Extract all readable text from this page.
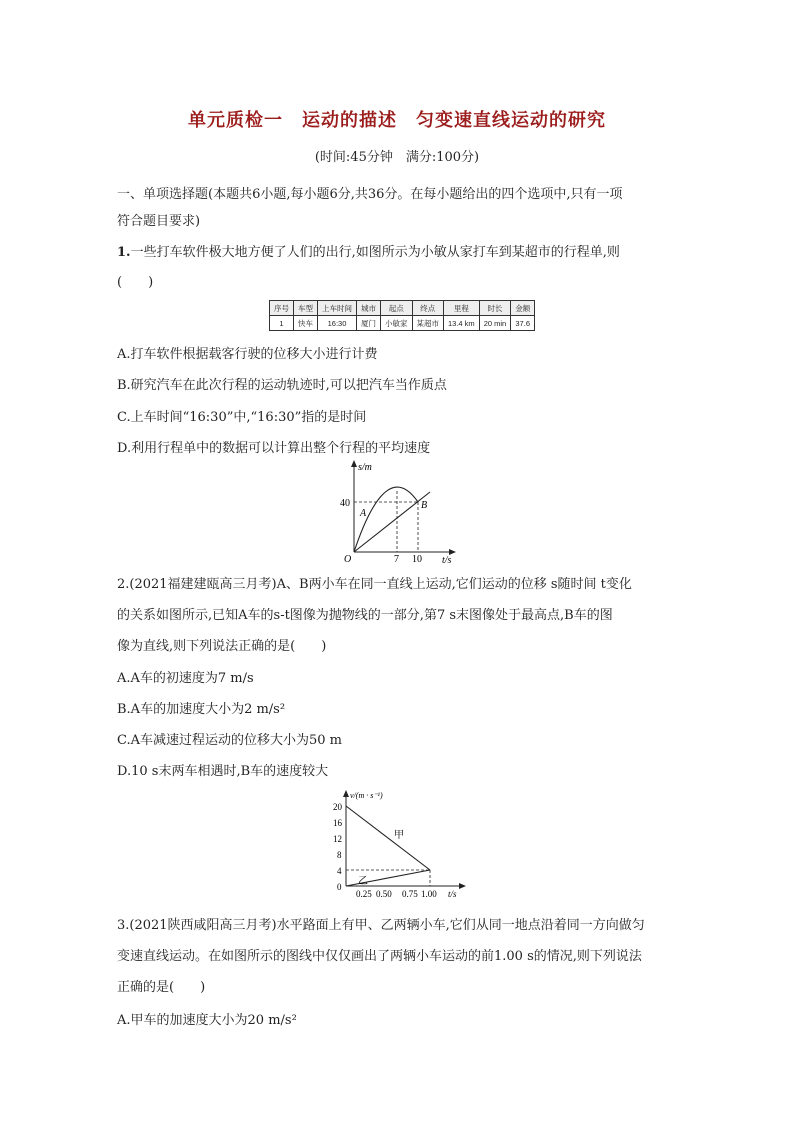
单元质检一　运动的描述　匀变速直线运动的研究
(时间:45分钟　满分:100分)
一、单项选择题(本题共6小题,每小题6分,共36分。在每小题给出的四个选项中,只有一项
符合题目要求)
1.一些打车软件极大地方便了人们的出行,如图所示为小敏从家打车到某超市的行程单,则
(　　)
序号	车型	上车时间	城市	起点	终点	里程	时长	金额
1	快车	16:30	厦门	小敏家	某超市	13.4 km	20 min	37.6
A.打车软件根据载客行驶的位移大小进行计费
B.研究汽车在此次行程的运动轨迹时,可以把汽车当作质点
C.上车时间“16:30”中,“16:30”指的是时间
D.利用行程单中的数据可以计算出整个行程的平均速度
s/m
t/s
O
40
7 10
A
B
2.(2021福建建瓯高三月考)A、B两小车在同一直线上运动,它们运动的位移 s随时间 t变化
的关系如图所示,已知A车的s-t图像为抛物线的一部分,第7 s末图像处于最高点,B车的图
像为直线,则下列说法正确的是(　　)
A.A车的初速度为7 m/s
B.A车的加速度大小为2 m/s²
C.A车减速过程运动的位移大小为50 m
D.10 s末两车相遇时,B车的速度较大
v/(m · s⁻¹)
t/s
20
16
12
8
4
0
0.25 0.50 0.75 1.00
甲
乙
3.(2021陕西咸阳高三月考)水平路面上有甲、乙两辆小车,它们从同一地点沿着同一方向做匀
变速直线运动。在如图所示的图线中仅仅画出了两辆小车运动的前1.00 s的情况,则下列说法
正确的是(　　)
A.甲车的加速度大小为20 m/s²
